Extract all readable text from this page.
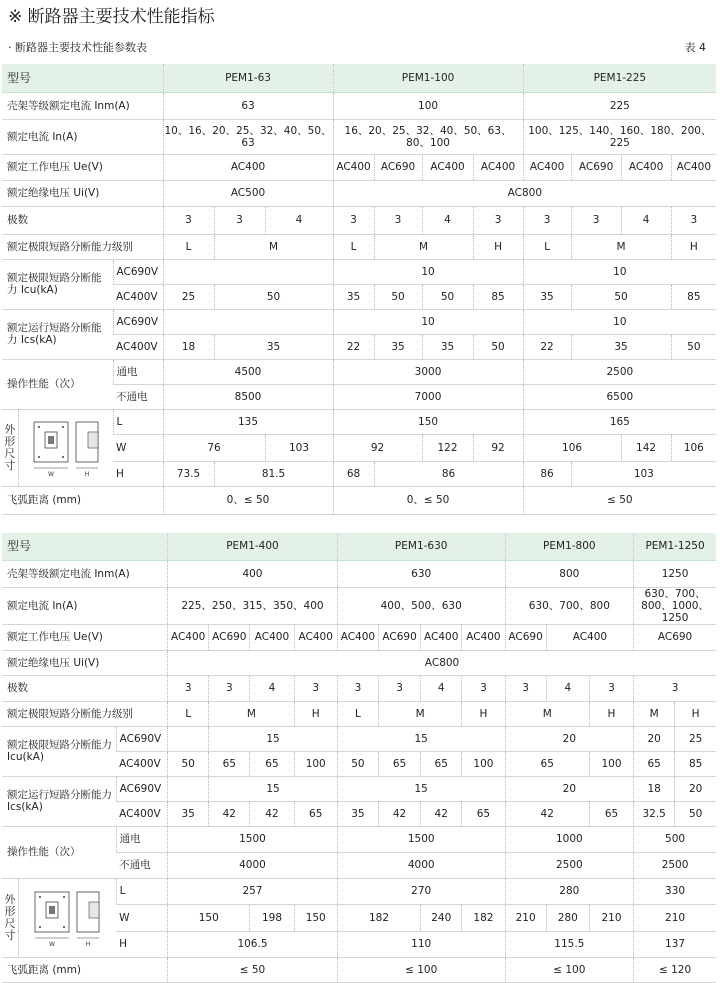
※ 断路器主要技术性能指标
· 断路器主要技术性能参数表	表 4
型号			PEM1-63			PEM1-100				PEM1-225			
壳架等级额定电流 Inm(A)			63			100				225			
额定电流 In(A)			10、16、20、25、32、40、50、63			16、20、25、32、40、50、63、80、100				100、125、140、160、180、200、225			
额定工作电压 Ue(V)			AC400			AC400	AC690	AC400	AC400	AC400	AC690	AC400	AC400
额定绝缘电压 Ui(V)			AC500			AC800							
极数			3	3	4	3	3	4	3	3	3	4	3
额定极限短路分断能力级别			L	M		L	M		H	L	M		H
额定极限短路分断能力 Icu(kA)		AC690V				10				10			
		AC400V	25	50		35	50	50	85	35	50		85
额定运行短路分断能力 Ics(kA)		AC690V				10				10			
		AC400V	18	35		22	35	35	50	22	35		50
操作性能（次）		通电	4500			3000				2500			
		不通电	8500			7000				6500			
外
形
尺
寸	W H	L	135			150				165			
		W	76		103	92		122	92	106		142	106
		H	73.5	81.5		68	86			86	103		
飞弧距离 (mm)			0、≤ 50			0、≤ 50				≤ 50			
型号			PEM1-400				PEM1-630				PEM1-800			PEM1-1250	
壳架等级额定电流 Inm(A)			400				630				800			1250	
额定电流 In(A)			225、250、315、350、400				400、500、630				630、700、800			630、700、800、1000、1250	
额定工作电压 Ue(V)			AC400	AC690	AC400	AC400	AC400	AC690	AC400	AC400	AC690	AC400		AC690	
额定绝缘电压 Ui(V)			AC800												
极数			3	3	4	3	3	3	4	3	3	4	3	3	
额定极限短路分断能力级别			L	M		H	L	M		H	M		H	M	H
额定极限短路分断能力 Icu(kA)		AC690V		15			15				20			20	25
		AC400V	50	65	65	100	50	65	65	100	65		100	65	85
额定运行短路分断能力 Ics(kA)		AC690V		15			15				20			18	20
		AC400V	35	42	42	65	35	42	42	65	42		65	32.5	50
操作性能（次）		通电	1500				1500				1000			500	
		不通电	4000				4000				2500			2500	
外
形
尺
寸	W H	L	257				270				280			330	
		W	150		198	150	182		240	182	210	280	210	210	
		H	106.5				110				115.5			137	
飞弧距离 (mm)			≤ 50				≤ 100				≤ 100			≤ 120	
